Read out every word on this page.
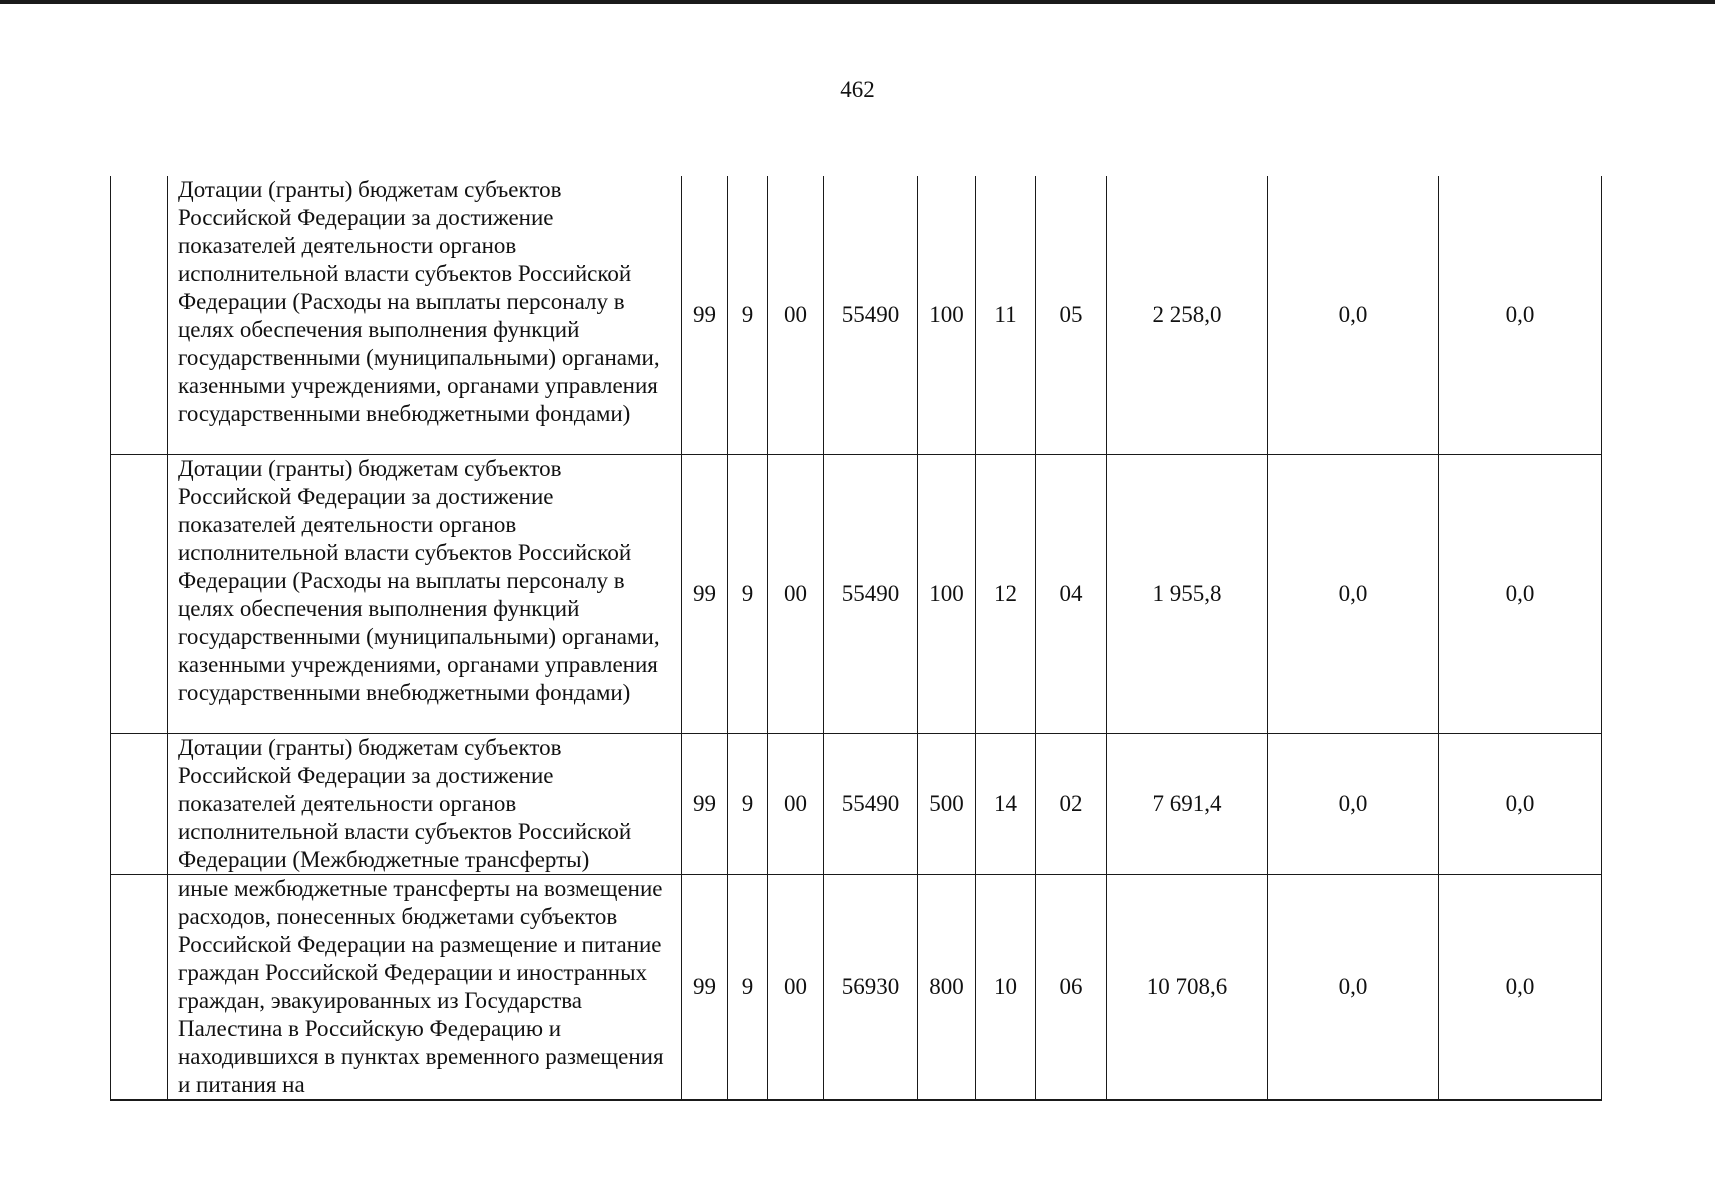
462
	Дотации (гранты) бюджетам субъектов Российской Федерации за достижение показателей деятельности органов исполнительной власти субъектов Российской Федерации (Расходы на выплаты персоналу в целях обеспечения выполнения функций государственными (муниципальными) органами, казенными учреждениями, органами управления государственными внебюджетными фондами)	99	9	00	55490	100	11	05	2 258,0	0,0	0,0
	Дотации (гранты) бюджетам субъектов Российской Федерации за достижение показателей деятельности органов исполнительной власти субъектов Российской Федерации (Расходы на выплаты персоналу в целях обеспечения выполнения функций государственными (муниципальными) органами, казенными учреждениями, органами управления государственными внебюджетными фондами)	99	9	00	55490	100	12	04	1 955,8	0,0	0,0
	Дотации (гранты) бюджетам субъектов Российской Федерации за достижение показателей деятельности органов исполнительной власти субъектов Российской Федерации (Межбюджетные трансферты)	99	9	00	55490	500	14	02	7 691,4	0,0	0,0
	иные межбюджетные трансферты на возмещение расходов, понесенных бюджетами субъектов Российской Федерации на размещение и питание граждан Российской Федерации и иностранных граждан, эвакуированных из Государства Палестина в Российскую Федерацию и находившихся в пунктах временного размещения и питания на	99	9	00	56930	800	10	06	10 708,6	0,0	0,0
